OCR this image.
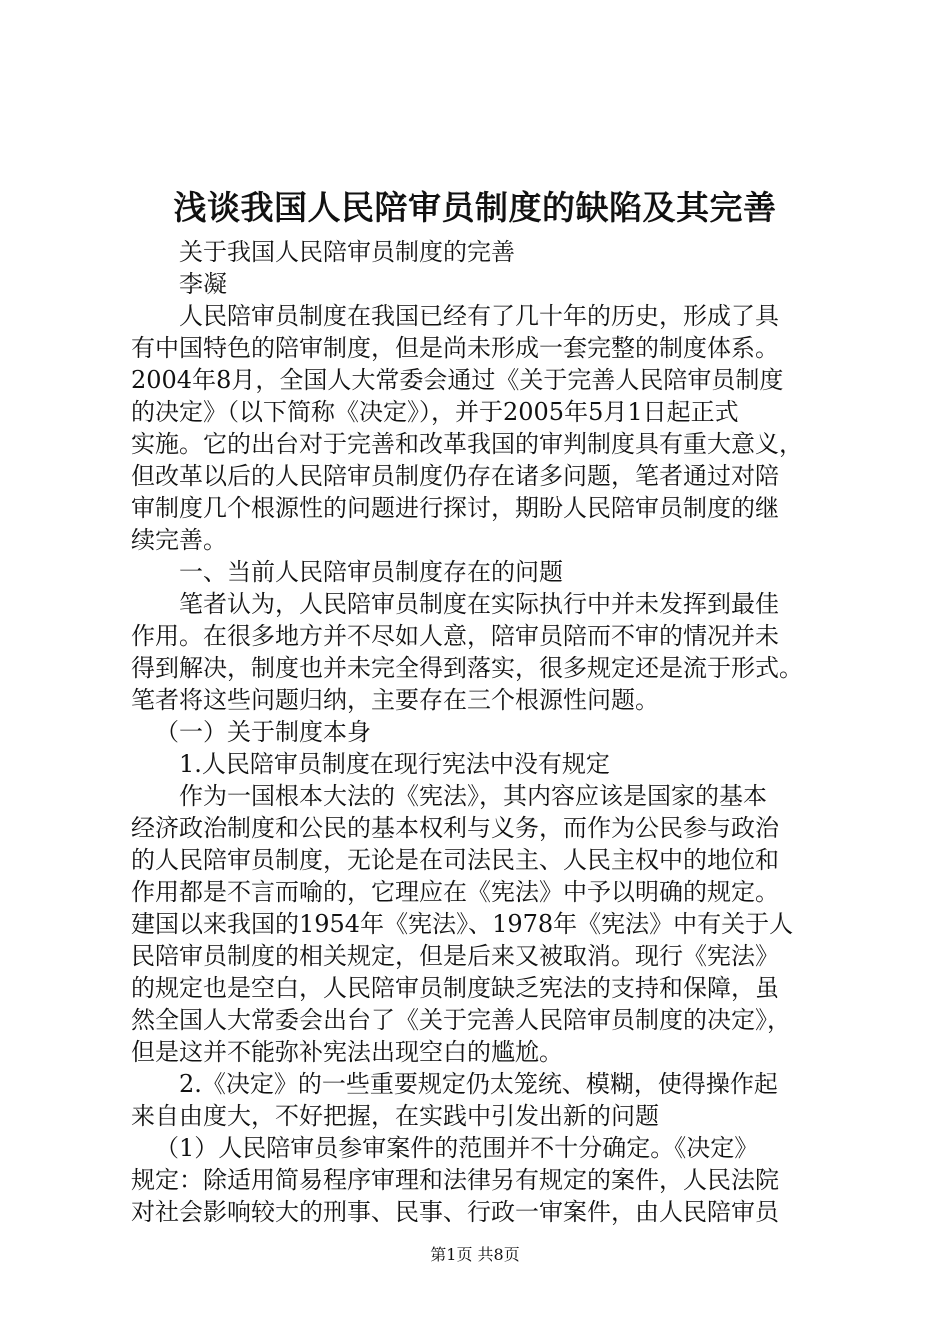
浅谈我国人民陪审员制度的缺陷及其完善

关于我国人民陪审员制度的完善

李凝

人民陪审员制度在我国已经有了几十年的历史，形成了具

有中国特色的陪审制度，但是尚未形成一套完整的制度体系。

2004年8月，全国人大常委会通过《关于完善人民陪审员制度

的决定》（以下简称《决定》），并于2005年5月1日起正式

实施。它的出台对于完善和改革我国的审判制度具有重大意义，

但改革以后的人民陪审员制度仍存在诸多问题，笔者通过对陪

审制度几个根源性的问题进行探讨，期盼人民陪审员制度的继

续完善。

一、当前人民陪审员制度存在的问题

笔者认为，人民陪审员制度在实际执行中并未发挥到最佳

作用。在很多地方并不尽如人意，陪审员陪而不审的情况并未

得到解决，制度也并未完全得到落实，很多规定还是流于形式。

笔者将这些问题归纳，主要存在三个根源性问题。

（一）关于制度本身

1.人民陪审员制度在现行宪法中没有规定

作为一国根本大法的《宪法》，其内容应该是国家的基本

经济政治制度和公民的基本权利与义务，而作为公民参与政治

的人民陪审员制度，无论是在司法民主、人民主权中的地位和

作用都是不言而喻的，它理应在《宪法》中予以明确的规定。

建国以来我国的1954年《宪法》、1978年《宪法》中有关于人

民陪审员制度的相关规定，但是后来又被取消。现行《宪法》

的规定也是空白，人民陪审员制度缺乏宪法的支持和保障，虽

然全国人大常委会出台了《关于完善人民陪审员制度的决定》，

但是这并不能弥补宪法出现空白的尴尬。

2.《决定》的一些重要规定仍太笼统、模糊，使得操作起

来自由度大，不好把握，在实践中引发出新的问题

（1）人民陪审员参审案件的范围并不十分确定。《决定》

规定：除适用简易程序审理和法律另有规定的案件，人民法院

对社会影响较大的刑事、民事、行政一审案件，由人民陪审员

第1页 共8页
